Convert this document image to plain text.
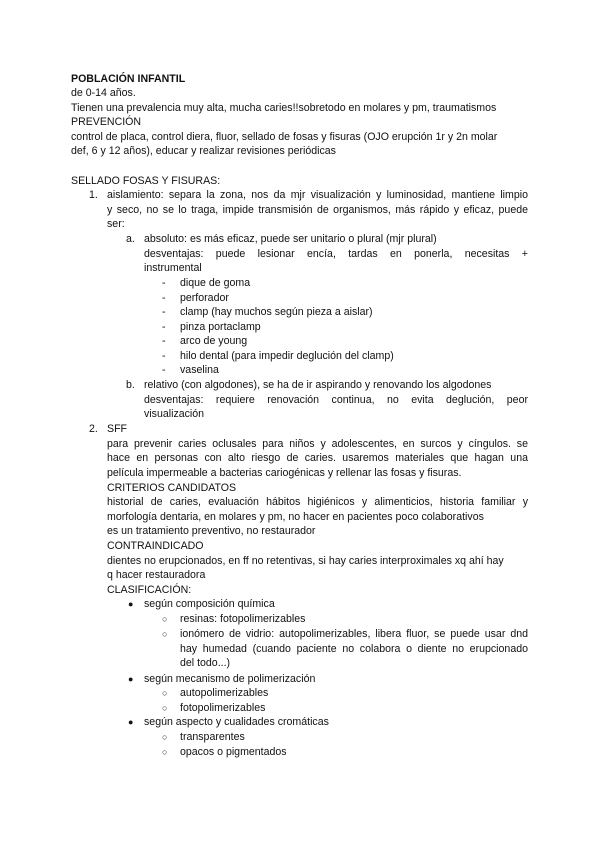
POBLACIÓN INFANTIL
de 0-14 años.
Tienen una prevalencia muy alta, mucha caries!!sobretodo en molares y pm, traumatismos
PREVENCIÓN
control de placa, control diera, fluor, sellado de fosas y fisuras (OJO erupción 1r y 2n molar
def, 6 y 12 años), educar y realizar revisiones periódicas
SELLADO FOSAS Y FISURAS:
1. aislamiento: separa la zona, nos da mjr visualización y luminosidad, mantiene limpio
y seco, no se lo traga, impide transmisión de organismos, más rápido y eficaz, puede
ser:
a. absoluto: es más eficaz, puede ser unitario o plural (mjr plural)
desventajas: puede lesionar encía, tardas en ponerla, necesitas +
instrumental
- dique de goma
- perforador
- clamp (hay muchos según pieza a aislar)
- pinza portaclamp
- arco de young
- hilo dental (para impedir deglución del clamp)
- vaselina
b. relativo (con algodones), se ha de ir aspirando y renovando los algodones
desventajas: requiere renovación continua, no evita deglución, peor
visualización
2. SFF
para prevenir caries oclusales para niños y adolescentes, en surcos y cíngulos. se
hace en personas con alto riesgo de caries. usaremos materiales que hagan una
película impermeable a bacterias cariogénicas y rellenar las fosas y fisuras.
CRITERIOS CANDIDATOS
historial de caries, evaluación hábitos higiénicos y alimenticios, historia familiar y
morfología dentaria, en molares y pm, no hacer en pacientes poco colaborativos
es un tratamiento preventivo, no restaurador
CONTRAINDICADO
dientes no erupcionados, en ff no retentivas, si hay caries interproximales xq ahí hay
q hacer restauradora
CLASIFICACIÓN:
● según composición química
○ resinas: fotopolimerizables
○ ionómero de vidrio: autopolimerizables, libera fluor, se puede usar dnd
hay humedad (cuando paciente no colabora o diente no erupcionado
del todo...)
● según mecanismo de polimerización
○ autopolimerizables
○ fotopolimerizables
● según aspecto y cualidades cromáticas
○ transparentes
○ opacos o pigmentados
